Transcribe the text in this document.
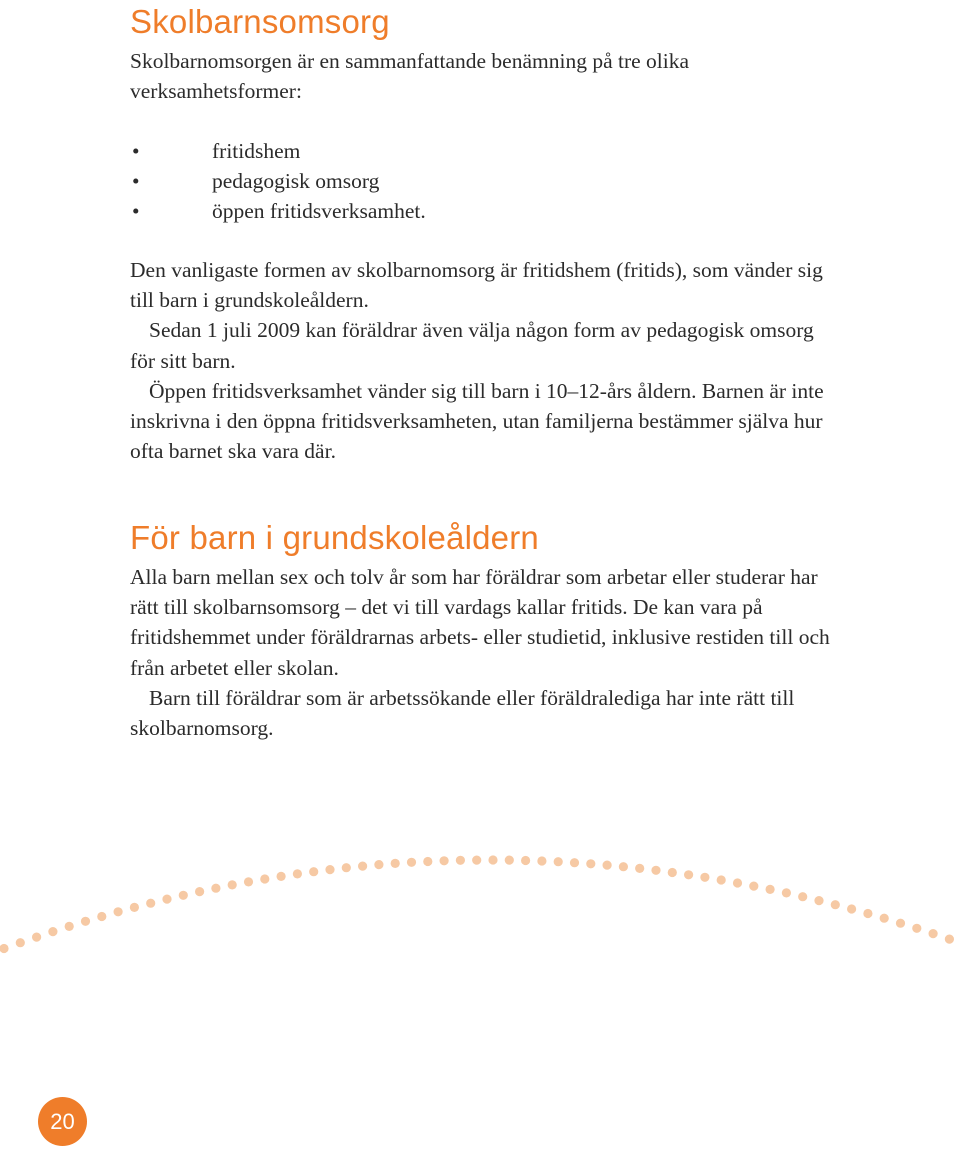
Skolbarnsomsorg

Skolbarnomsorgen är en sammanfattande benämning på tre olika verksamhetsformer:

•	fritidshem
•	pedagogisk omsorg
•	öppen fritidsverksamhet.

Den vanligaste formen av skolbarnomsorg är fritidshem (fritids), som vänder sig till barn i grundskoleåldern.

Sedan 1 juli 2009 kan föräldrar även välja någon form av pedagogisk omsorg för sitt barn.

Öppen fritidsverksamhet vänder sig till barn i 10–12-års åldern. Barnen är inte inskrivna i den öppna fritidsverksamheten, utan familjerna bestämmer själva hur ofta barnet ska vara där.

För barn i grundskoleåldern

Alla barn mellan sex och tolv år som har föräldrar som arbetar eller studerar har rätt till skolbarnsomsorg – det vi till vardags kallar fritids. De kan vara på fritidshemmet under föräldrarnas arbets- eller studietid, inklusive restiden till och från arbetet eller skolan.

Barn till föräldrar som är arbetssökande eller föräldralediga har inte rätt till skolbarnomsorg.

20
